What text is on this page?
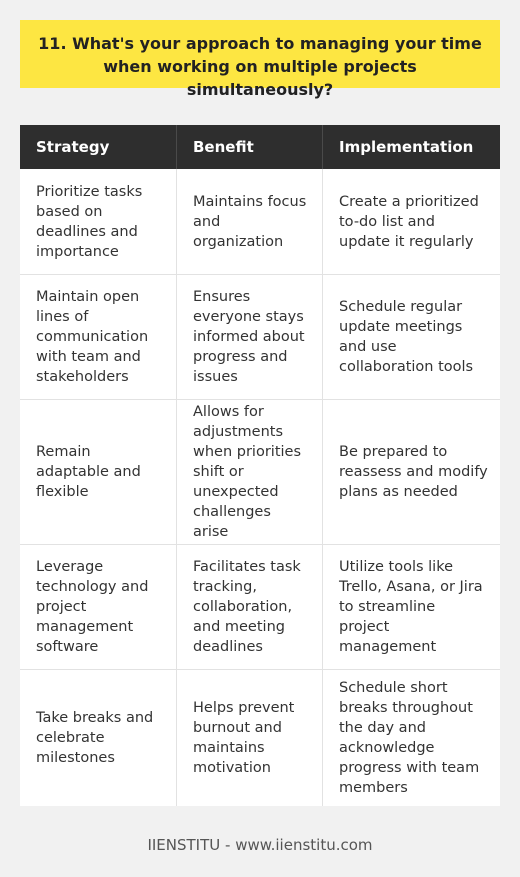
11. What's your approach to managing your time when working on multiple projects simultaneously?
Strategy	Benefit	Implementation
Prioritize tasks based on deadlines and importance
Maintains focus and organization
Create a prioritized to-do list and update it regularly
Maintain open lines of communication with team and stakeholders
Ensures everyone stays informed about progress and issues
Schedule regular update meetings and use collaboration tools
Remain adaptable and flexible
Allows for adjustments when priorities shift or unexpected challenges arise
Be prepared to reassess and modify plans as needed
Leverage technology and project management software
Facilitates task tracking, collaboration, and meeting deadlines
Utilize tools like Trello, Asana, or Jira to streamline project management
Take breaks and celebrate milestones
Helps prevent burnout and maintains motivation
Schedule short breaks throughout the day and acknowledge progress with team members
IIENSTITU - www.iienstitu.com
